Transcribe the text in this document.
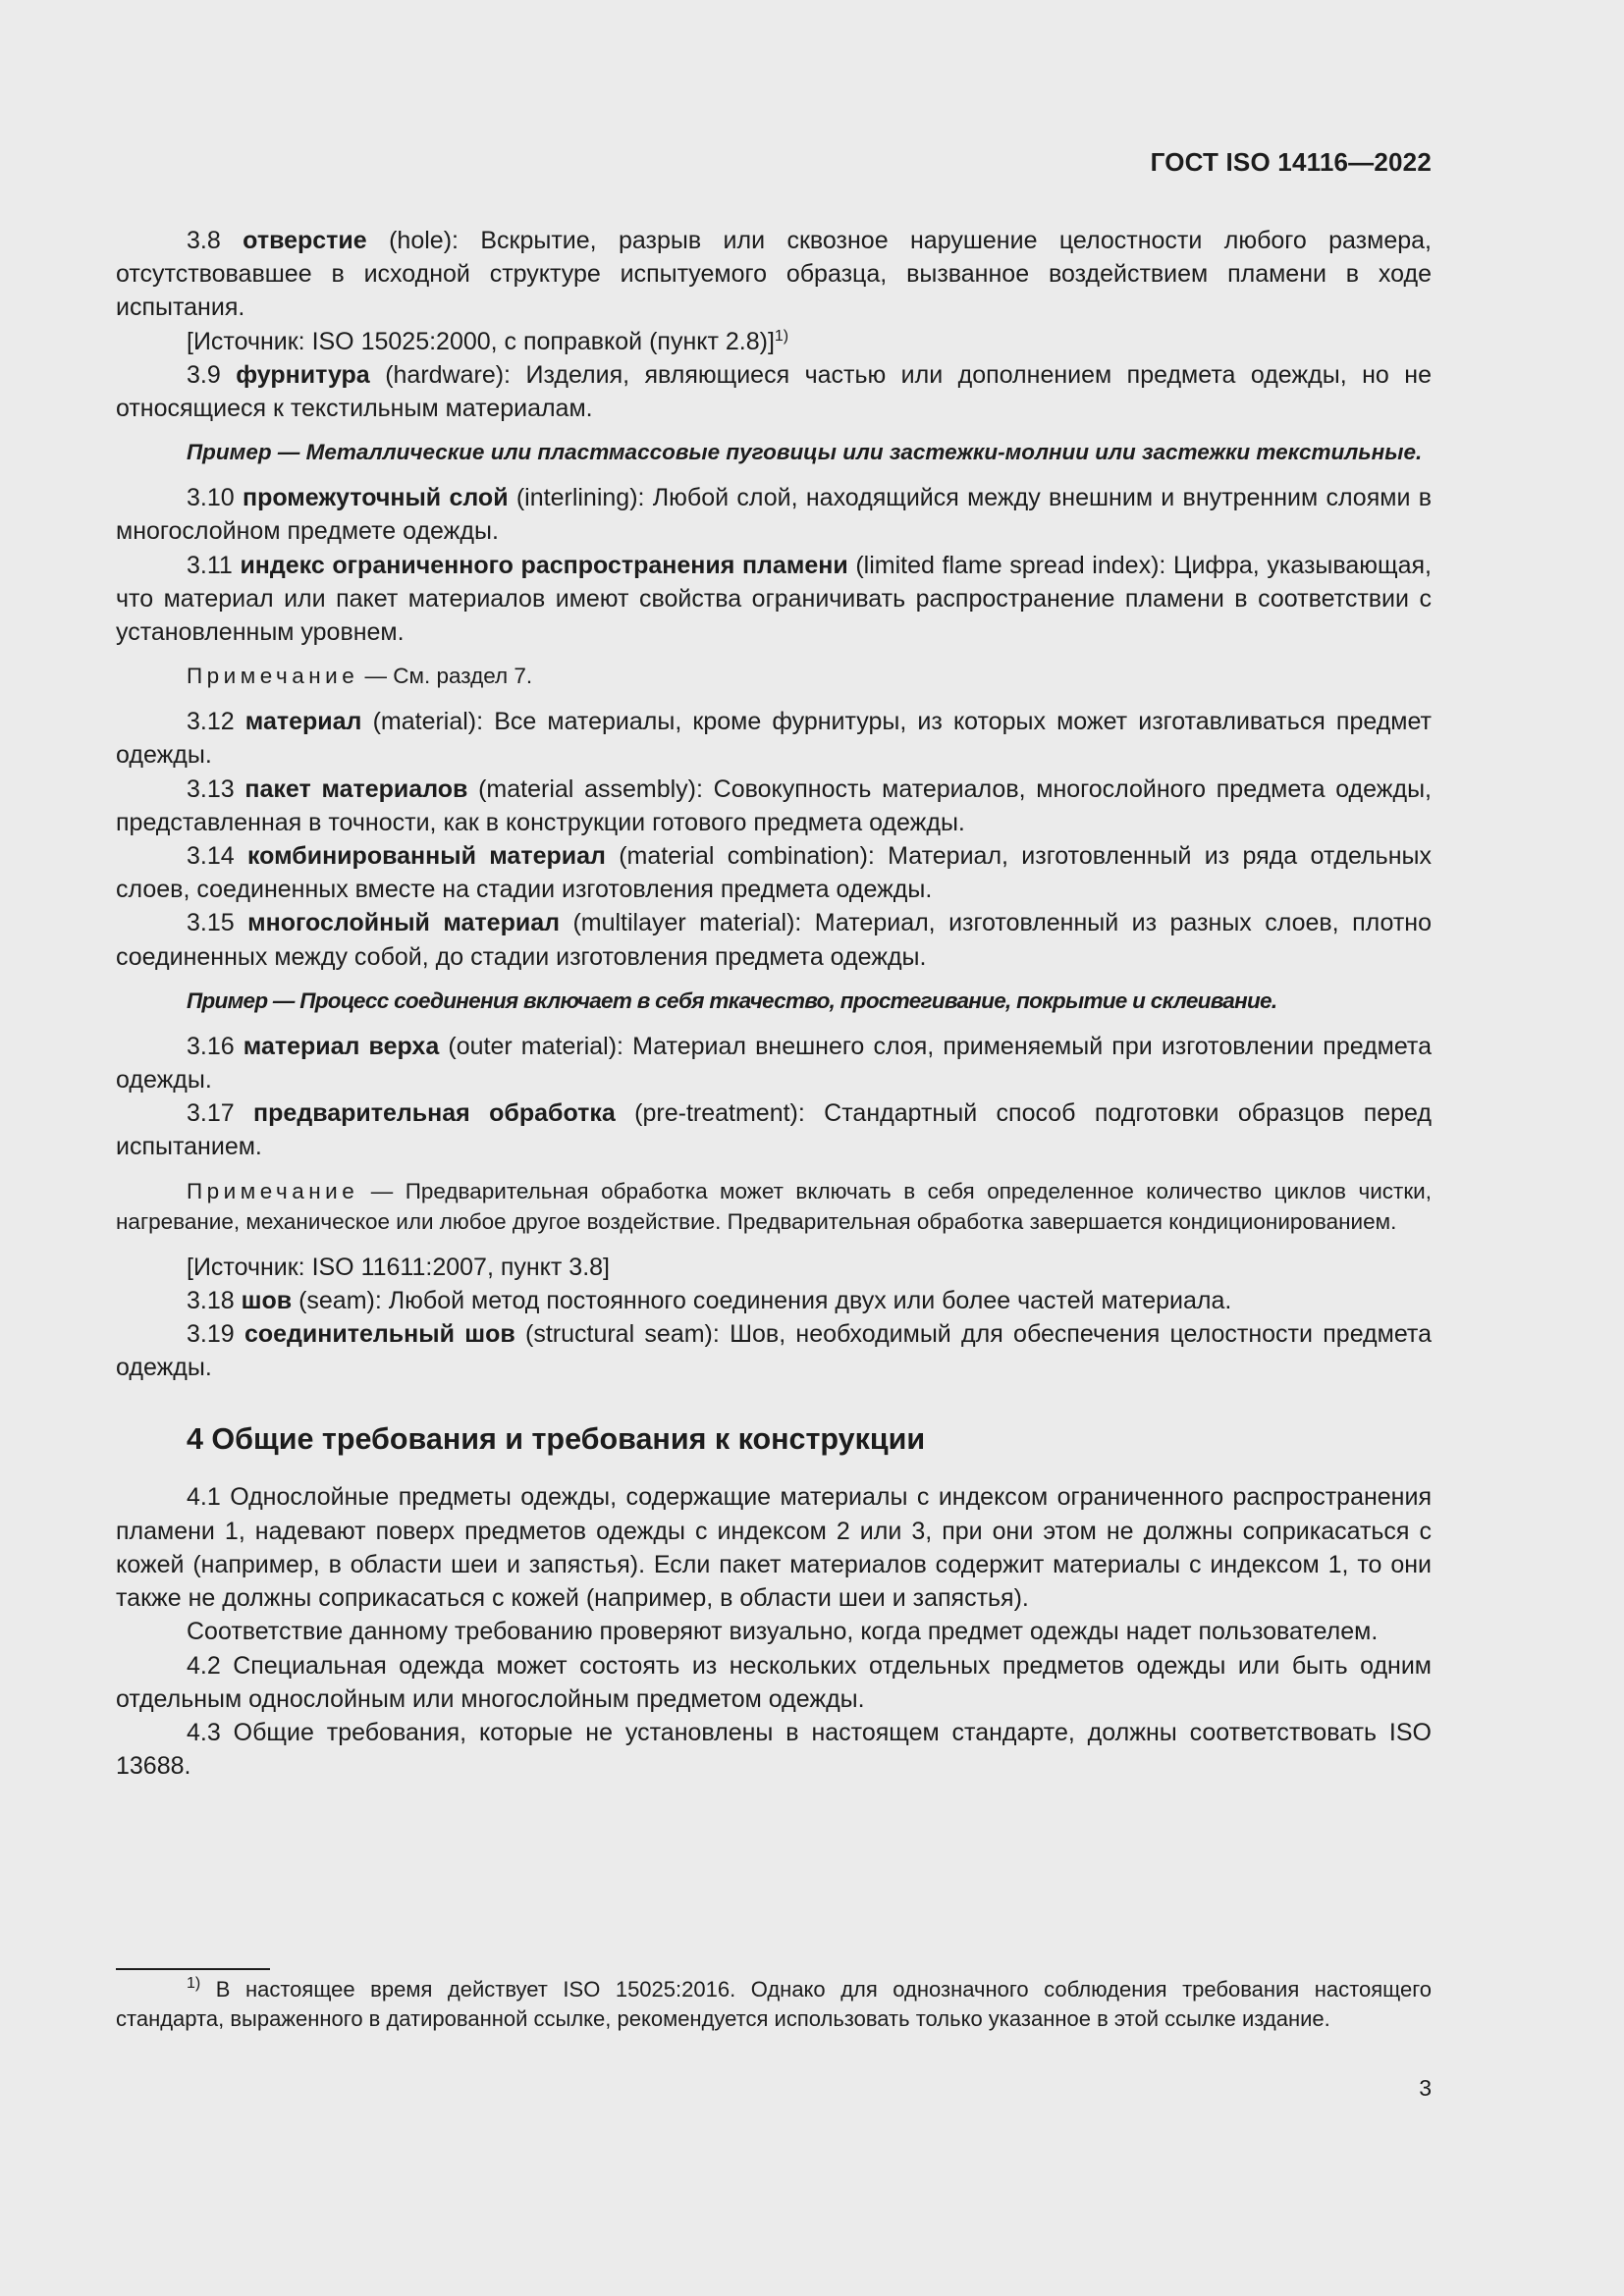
ГОСТ ISO 14116—2022

3.8 отверстие (hole): Вскрытие, разрыв или сквозное нарушение целостности любого размера, отсутствовавшее в исходной структуре испытуемого образца, вызванное воздействием пламени в ходе испытания.

[Источник: ISO 15025:2000, с поправкой (пункт 2.8)]$^{1)}$

3.9 фурнитура (hardware): Изделия, являющиеся частью или дополнением предмета одежды, но не относящиеся к текстильным материалам.

Пример — Металлические или пластмассовые пуговицы или застежки-молнии или застежки текстильные.

3.10 промежуточный слой (interlining): Любой слой, находящийся между внешним и внутренним слоями в многослойном предмете одежды.

3.11 индекс ограниченного распространения пламени (limited flame spread index): Цифра, указывающая, что материал или пакет материалов имеют свойства ограничивать распространение пламени в соответствии с установленным уровнем.

Примечание — См. раздел 7.

3.12 материал (material): Все материалы, кроме фурнитуры, из которых может изготавливаться предмет одежды.

3.13 пакет материалов (material assembly): Совокупность материалов, многослойного предмета одежды, представленная в точности, как в конструкции готового предмета одежды.

3.14 комбинированный материал (material combination): Материал, изготовленный из ряда отдельных слоев, соединенных вместе на стадии изготовления предмета одежды.

3.15 многослойный материал (multilayer material): Материал, изготовленный из разных слоев, плотно соединенных между собой, до стадии изготовления предмета одежды.

Пример — Процесс соединения включает в себя ткачество, простегивание, покрытие и склеивание.

3.16 материал верха (outer material): Материал внешнего слоя, применяемый при изготовлении предмета одежды.

3.17 предварительная обработка (pre-treatment): Стандартный способ подготовки образцов перед испытанием.

Примечание — Предварительная обработка может включать в себя определенное количество циклов чистки, нагревание, механическое или любое другое воздействие. Предварительная обработка завершается кондиционированием.

[Источник: ISO 11611:2007, пункт 3.8]

3.18 шов (seam): Любой метод постоянного соединения двух или более частей материала.

3.19 соединительный шов (structural seam): Шов, необходимый для обеспечения целостности предмета одежды.

4 Общие требования и требования к конструкции

4.1 Однослойные предметы одежды, содержащие материалы с индексом ограниченного распространения пламени 1, надевают поверх предметов одежды с индексом 2 или 3, при они этом не должны соприкасаться с кожей (например, в области шеи и запястья). Если пакет материалов содержит материалы с индексом 1, то они также не должны соприкасаться с кожей (например, в области шеи и запястья).

Соответствие данному требованию проверяют визуально, когда предмет одежды надет пользователем.

4.2 Специальная одежда может состоять из нескольких отдельных предметов одежды или быть одним отдельным однослойным или многослойным предметом одежды.

4.3 Общие требования, которые не установлены в настоящем стандарте, должны соответствовать ISO 13688.

$^{1)}$ В настоящее время действует ISO 15025:2016. Однако для однозначного соблюдения требования настоящего стандарта, выраженного в датированной ссылке, рекомендуется использовать только указанное в этой ссылке издание.
3
